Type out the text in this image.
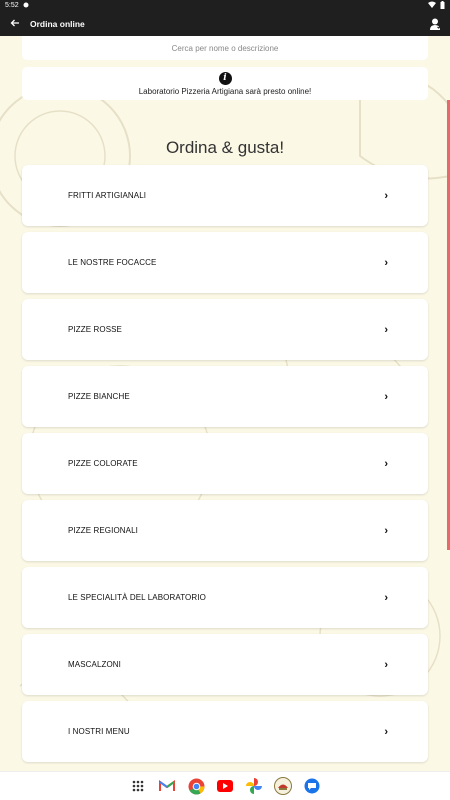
5:52
Ordina online
Cerca per nome o descrizione
i
Laboratorio Pizzeria Artigiana sarà presto online!
Ordina & gusta!
FRITTI ARTIGIANALI	›
LE NOSTRE FOCACCE	›
PIZZE ROSSE	›
PIZZE BIANCHE	›
PIZZE COLORATE	›
PIZZE REGIONALI	›
LE SPECIALITÀ DEL LABORATORIO	›
MASCALZONI	›
I NOSTRI MENU	›
